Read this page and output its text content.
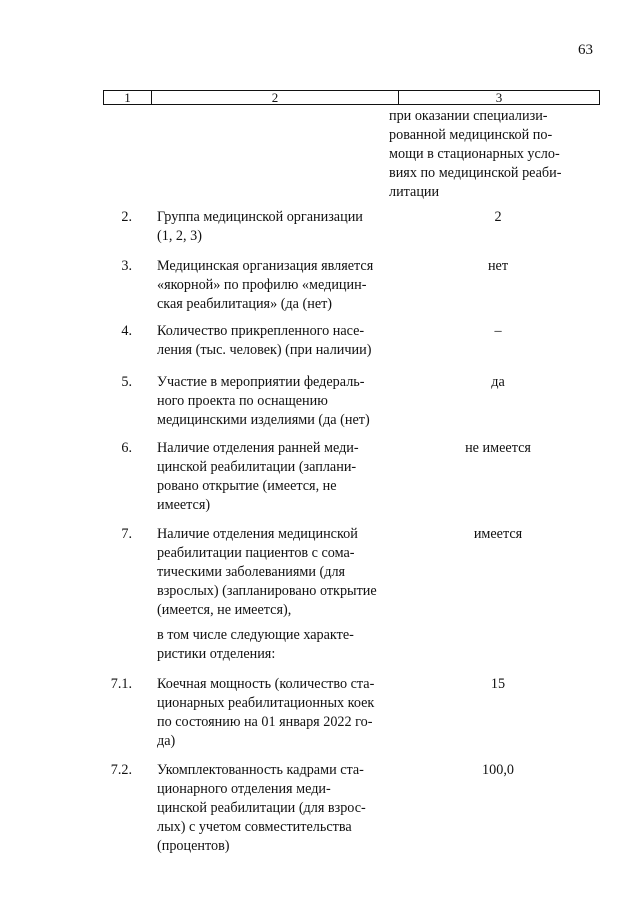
63
1	2	3
при оказании специализи-
рованной медицинской по-
мощи в стационарных усло-
виях по медицинской реаби-
литации
2. Группа медицинской организации
(1, 2, 3)
2
3. Медицинская организация является
«якорной» по профилю «медицин-
ская реабилитация» (да (нет)
нет
4. Количество прикрепленного насе-
ления (тыс. человек) (при наличии)
–
5. Участие в мероприятии федераль-
ного проекта по оснащению
медицинскими изделиями (да (нет)
да
6. Наличие отделения ранней меди-
цинской реабилитации (заплани-
ровано открытие (имеется, не
имеется)
не имеется
7. Наличие отделения медицинской
реабилитации пациентов с сома-
тическими заболеваниями (для
взрослых) (запланировано открытие
(имеется, не имеется),
имеется
в том числе следующие характе-
ристики отделения:
7.1. Коечная мощность (количество ста-
ционарных реабилитационных коек
по состоянию на 01 января 2022 го-
да)
15
7.2. Укомплектованность кадрами ста-
ционарного отделения меди-
цинской реабилитации (для взрос-
лых) с учетом совместительства
(процентов)
100,0
